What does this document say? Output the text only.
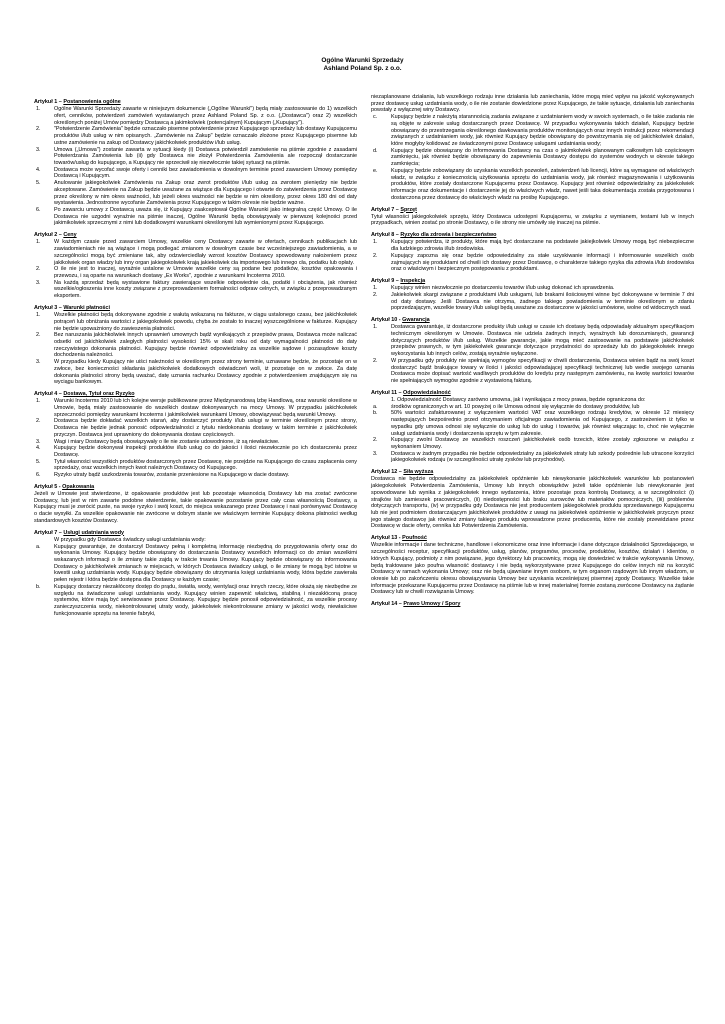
Ogólne Warunki Sprzedaży
Ashland Poland Sp. z o.o.
Artykuł 1 – Postanowienia ogólne
1. Ogólne Warunki Sprzedaży zawarte w niniejszym dokumencie („Ogólne Warunki") będą miały zastosowanie do 1) wszelkich ofert, cenników, potwierdzeń zamówień wystawianych przez Ashland Poland Sp. z o.o. („Dostawca") oraz 2) wszelkich określonych poniżej Umów pomiędzy Dostawcą a jakimkolwiek (potencjalnym) Kupującym („Kupujący").
2. "Potwierdzenie Zamówienia" będzie oznaczało pisemne potwierdzenie przez Kupującego sprzedaży lub dostawy Kupującemu produktów i/lub usług w nim opisanych. „Zamówienie na Zakup" będzie oznaczało złożone przez Kupującego pisemne lub ustne zamówienie na zakup od Dostawcy jakichkolwiek produktów i/lub usług.
3. Umowa („Umowa") zostanie zawarta w sytuacji kiedy (i) Dostawca potwierdził zamówienie na piśmie zgodnie z zasadami Potwierdzania Zamówienia lub (ii) gdy Dostawca nie złożył Potwierdzenia Zamówienia ale rozpoczął dostarczanie towarów/usług do kupującego, a Kupujący nie sprzeciwił się niezwłocznie takiej sytuacji na piśmie.
4. Dostawca może wycofać swoje oferty i cenniki bez zawiadomienia w dowolnym terminie przed zawarciem Umowy pomiędzy Dostawcą i Kupującym.
5. Anulowanie jakiegokolwiek Zamówienia na Zakup oraz zwrot produktów i/lub usług za zwrotem pieniędzy nie będzie akceptowane. Zamówienie na Zakup będzie uważane za wiążące dla Kupującego i otwarte do zatwierdzenia przez Dostawcę przez określony w nim okres ważności, lub jeżeli okres ważności nie będzie w nim określony, przez okres 180 dni od daty wystawienia. Jednostronne wycofanie Zamówienia przez Kupującego w takim okresie nie będzie ważne.
6. Po zawarciu umowy z Dostawcą uważa się, iż Kupujący zaakceptował Ogólne Warunki jako integralną część Umowy. O ile Dostawca nie uzgodni wyraźnie na piśmie inaczej, Ogólne Warunki będą obowiązywały w pierwszej kolejności przed jakimikolwiek sprzecznymi z nimi lub dodatkowymi warunkami określonymi lub wymienionymi przez Kupującego.
Artykuł 2 – Ceny
1. W każdym czasie przed zawarciem Umowy, wszelkie ceny Dostawcy zawarte w ofertach, cennikach publikacjach lub zawiadomieniach nie są wiążące i mogą podlegać zmianom w dowolnym czasie bez wcześniejszego zawiadomienia, a w szczególności mogą być zmieniane tak, aby odzwierciedlały wzrost kosztów Dostawcy spowodowany nałożeniem przez jakikolwiek organ władzy lub inny organ jakiegokolwiek krają jakiekolwiek cła importowego lub innego cła, podatku lub opłaty.
2. O ile nie jest to inaczej, wyraźnie ustalone w Umowie wszelkie ceny są podane bez podatków, kosztów opakowania i przewozu, i są oparte na warunkach dostawy „Ex Works", zgodnie z warunkami Incoterms 2010.
3. Na każdą sprzedaż będą wystawione faktury zawierające wszelkie odpowiednie cła, podatki i obciążenia, jak również wszelkie/ogłoszenia inne koszty związane z przeprowadzeniem formalności odpraw celnych, w związku z przeprowadzanym eksportem.
Artykuł 3 – Warunki płatności
1. Wszelkie płatności będą dokonywane zgodnie z wałutą wskazaną na fakturze, w ciągu ustalonego czasu, bez jakichkolwiek potrąceń lub obniżania wartości z jakiegokolwiek powodu, chyba że zostało to inaczej wyszczególnione w fakturze. Kupujący nie będzie upoważniony do zawieszenia płatności.
2. Bez naruszania jakichkolwiek innych uprawnień umownych bądź wynikających z przepisów prawa, Dostawca może naliczać odsetki od jakichkolwiek zaległych płatności wysokości 15% w skali roku od daty wymagalności płatności do daty rzeczywistego dokonania płatności. Kupujący będzie również odpowiedzialny za wszelkie sądowe i pozasądowe koszty dochodzenia należności.
3. W przypadku kiedy Kupujący nie uiści należności w określonym przez strony terminie, uznawane będzie, że pozostaje on w zwłoce, bez konieczności składania jakichkolwiek dodatkowych oświadczeń woli, iż pozostaje on w zwłoce. Za datę dokonania płatności strony będą uważać, datę uznania rachunku Dostawcy zgodnie z potwierdzeniem znajdującym się na wyciągu bankowym.
Artykuł 4 – Dostawa, Tytuł oraz Ryzyko
1. Warunki Incoterms 2010 lub ich kolejne wersje publikowane przez Międzynarodową Izbę Handlową, oraz warunki określone w Umowie, będą miały zastosowanie do wszelkich dostaw dokonywanych na mocy Umowy. W przypadku jakichkolwiek sprzeczności pomiędzy warunkami Incoterms i jakimikolwiek warunkami Umowy, obowiązywać będą warunki Umowy.
2. Dostawca będzie dokładać wszelkich starań, aby dostarczyć produkty i/lub usługi w terminie określonym przez strony, Dostawca nie będzie jednak ponosić odpowiedzialności z tytułu niedokonania dostawy w takim terminie z jakichkolwiek przyczyn. Dostawca jest uprawniony do dokonywania dostaw częściowych.
3. Wagi i miary Dostawcy będą obowiązywały o ile nie zostanie udowodnione, iż są niewłaściwe.
4. Kupujący będzie dokonywał inspekcji produktów i/lub usług co do jakości i ilości niezwłocznie po ich dostarczeniu przez Dostawcę.
5. Tytuł własności wszystkich produktów dostarczonych przez Dostawcę, nie przejdzie na Kupującego do czasu zapłacenia ceny sprzedaży, oraz wszelkich innych kwot należnych Dostawcy od Kupującego.
6. Ryzyko utraty bądź uszkodzenia towarów, zostanie przeniesione na Kupującego w dacie dostawy.
Artykuł 5 - Opakowania
Jeżeli w Umowie jest stwierdzone, iż opakowanie produktów jest lub pozostaje własnością Dostawcy lub ma zostać zwrócone Dostawcy, lub jest w nim zawarte podobne stwierdzenie, takie opakowanie pozostanie przez cały czas własnością Dostawcy, a Kupujący musi je zwrócić puste, na swoje ryzyko i swój koszt, do miejsca wskazanego przez Dostawcę i nasi porównywać Dostawcę o dacie wysyłki. Za wszelkie opakowanie nie zwrócone w dobrym stanie we właściwym terminie Kupujący dokona płatności według standardowych kosztów Dostawcy.
Artykuł 7 – Usługi udatniania wody
W przypadku gdy Dostawca świadczy usługi uzdatniania wody:
a. Kupujący gwarantuje, że dostarczył Dostawcy pełną i kompletną informację niezbędną do przygotowania oferty oraz do wykonania Umowy. Kupujący będzie obowiązany do dostarczania Dostawcy wszelkich informacji co do zmian wszelkimi wskazanych informacji o ile zmiany takie zajdą w trakcie trwania Umowy. Kupujący będzie obowiązany do informowania Dostawcy o jakichkolwiek zmianach w miejscach, w których Dostawca świadczy usługi, o ile zmiany te mogą być istotne w kwestii usług uzdatniania wody. Kupujący będzie obowiązany do utrzymania księgi uzdatniania wody, która będzie zawierała pełen rejestr i która będzie dostępna dla Dostawcy w każdym czasie;
b. Kupujący dostarczy niezakłócony dostęp do prądu, światła, wody, wentylacji oraz innych rzeczy, które okażą się niezbędne ze względu na świadczone usługi uzdatniania wody. Kupujący winien zapewnić właściwą, stabilną i niezakłóconą pracę systemów, które mają być serwisowane przez Dostawcę. Kupujący będzie ponosił odpowiedzialność, za wszelkie procesy zanieczyszczenia wody, niekontrolowanej utraty wody, jakiekolwiek niekontrolowane zmiany w jakości wody, niewłaściwe funkcjonowanie sprzętu na terenie fabryki,
niezaplanowane działania, lub wszelkiego rodzaju inne działania lub zaniechania, które mogą mieć wpływ na jakość wykonywanych przez dostawcę usług uzdatniania wody, o ile nie zostanie dowiedzione przez Kupującego, że takie sytuacje, działania lub zaniechania powstały z wyłącznej winy Dostawcy.
c.	Kupujący będzie z należytą starannością zadania związane z uzdatnianiem wody w swoich systemach, o ile takie zadania nie są objęte w zakresie usług dostarczanych przez Dostawcę. W przypadku wykonywania takich działań, Kupujący będzie obowiązany do przestrzegania określonego dawkowania produktów monitorujących oraz innych instrukcji przez rekomendacji związanych z uzdatnianiem wody, jak również Kupujący będzie obowiązany do powstrzymania się od jakichkolwiek działań, które mogłyby kolidować ze świadczonymi przez Dostawcę usługami uzdatniania wody;
d. Kupujący będzie obowiązany do informowania Dostawcy na czas o jakimkolwiek planowanym całkowitym lub częściowym zamknięciu, jak również będzie obowiązany do zapewnienia Dostawcy dostępu do systemów wodnych w okresie takiego zamknięcia;
e. Kupujący będzie zobowiązany do uzyskania wszelkich pozwoleń, zatwierdzeń lub licencji, które są wymagane od właściwych władz, w związku z koniecznością użytkowania sprzętu do uzdatniania wody, jak również magazynowania i użytkowania produktów, które zostały dostarczone Kupującemu przez Dostawcę. Kupujący jest również odpowiedzialny za jakiekolwiek informacje oraz dokumentacje i dostarczenie jej do właściwych władz, nawet jeśli taka dokumentacja została przygotowana i dostarczona przez dostawcę do właściwych władz na prośbę Kupującego.
Artykuł 7 – Sprzęt
Tytuł własności jakiegokolwiek sprzętu, który Dostawca udostępni Kupującemu, w związku z wymianem, testami lub w innych przypadkach, winien zostać po stronie Dostawcy, o ile strony nie umówiły się inaczej na piśmie.
Artykuł 8 – Ryzyko dla zdrowia i bezpieczeństwo
1. Kupujący potwierdza, iż produkty, które mają być dostarczane na podstawie jakiejkolwiek Umowy mogą być niebezpieczne dla ludzkiego zdrowia i/lub środowiska.
2. Kupujący zapozna się oraz będzie odpowiedzialny za stałe uzyskiwanie informacji i informowanie wszelkich osób zajmujących się produktami od chwili ich dostawy przez Dostawcę, o charakterze takiego ryzyka dla zdrowia i/lub środowiska oraz o właściwym i bezpiecznym postępowaniu z produktami.
Artykuł 9 – Inspekcja
1. Kupujący winien niezwłocznie po dostarczeniu towarów i/lub usług dokonać ich sprawdzenia.
2. Jakiekolwiek skargi związane z produktami i/lub usługami, lub brakami ilościowymi winne być dokonywane w terminie 7 dni od daty dostawy. Jeśli Dostawca nie otrzyma, żadnego takiego powiadomienia w terminie określonym w zdaniu poprzedzającym, wszelkie towary i/lub usługi będą uważane za dostarczone w jakości umówione, wolne od widocznych wad.
Artykuł 10 - Gwarancja
1. Dostawca gwarantuje, iż dostarczone produkty i/lub usługi w czasie ich dostawy będą odpowiadały aktualnym specyfikacjom technicznym określonym w Umowie. Dostawca nie udziela żadnych innych, wyraźnych lub dorozumianych, gwarancji dotyczących produktów i/lub usług. Wszelkie gwarancje, jakie mogą mieć zastosowanie na podstawie jakichkolwiek przepisów prawnych, w tym jakiekolwiek gwarancje dotyczące przydatności do sprzedaży lub do jakiegokolwiek innego wykorzystania lub innych celów, zostają wyraźnie wyłączone.
2. W przypadku gdy produkty nie spełniają wymogów specyfikacji w chwili dostarczenia, Dostawca winien bądź na swój koszt dostarczyć bądź brakujące towary w ilości i jakości odpowiadającej specyfikacji technicznej lub wedle swojego uznania Dostawca może dopisać wartość wadliwych produktów do kredytu przy następnym zamówieniu, na kwotę wartości towarów nie spełniających wymogów zgodnie z wystawioną fakturą.
Artykuł 11 – Odpowiedzialność
1. Odpowiedzialność Dostawcy zarówno umowna, jak i wynikająca z mocy prawa, będzie ograniczona do:
a. środków ograniczonych w art. 10 powyżej o ile Umowa odnosi się wyłącznie do dostawy produktów, lub
b. 50% wartości zafakturowanej z wyłączeniem wartości VAT oraz wszelkiego rodzaju kredytów, w okresie 12 miesięcy następujących bezpośrednio przed otrzymaniem oficjalnego zawiadomienia od Kupującego, z zastrzeżeniem iż tylko w wypadku gdy umowa odnosi się wyłącznie do usług lub do usług i towarów, jak również włączając to, choć nie wyłącznie usługi uzdatniania wody i dostarczenia sprzętu w tym zakresie.
2. Kupujący zwolni Dostawcę ze wszelkich roszczeń jakichkolwiek osób trzecich, które zostały zgłoszone w związku z wykonaniem Umowy.
3. Dostawca w żadnym przypadku nie będzie odpowiedzialny za jakiekolwiek straty lub szkody pośrednie lub utracone korzyści jakiegokolwiek rodzaju (w szczególności utratę zysków lub przychodów).
Artykuł 12 – Siła wyższa
Dostawca nie będzie odpowiedzialny za jakiekolwiek opóźnienie lub niewykonanie jakichkolwiek warunków lub postanowień jakiegokolwiek Potwierdzenia Zamówienia, Umowy lub innych obowiązków jeżeli takie opóźnienie lub niewykonanie jest spowodowane lub wynika z jakiegokolwiek innego wydarzenia, które pozostaje poza kontrolą Dostawcy, a w szczególności: (i) strajków lub zamieszek pracowniczych, (ii) niedostępności lub braku surowców lub materiałów pomocniczych, (iii) problemów dotyczących transportu, (iv) w przypadku gdy Dostawca nie jest producentem jakiegokolwiek produktu sprzedawanego Kupującemu lub nie jest podmiotem dostarczającym jakichkolwiek produktów z uwagi na jakiekolwiek opóźnienie w jakichkolwiek przyczyn przez jego stałego dostawcę jak również zmiany takiego produktu wprowadzone przez producenta, które nie zostały przewidziane przez Dostawcę w dacie oferty, cennika lub Potwierdzenia Zamówienia.
Artykuł 13 - Poufność
Wszelkie informacje i dane techniczne, handlowe i ekonomiczne oraz inne informacje i dane dotyczące działalności Sprzedającego, w szczególności receptur, specyfikacji produktów, usług, planów, programów, procesów, produktów, kosztów, działań i klientów, o których Kupujący, podmioty z nim powiązane, jego dyrektorzy lub pracownicy, mogą się dowiedzieć w trakcie wykonywania Umowy, będą traktowane jako poufna własność dostawcy i nie będą wykorzystywane przez Kupującego do celów innych niż na korzyść Dostawcy w ramach wykonania Umowy; oraz nie będą ujawniane innym osobom, w tym organom rządowym lub innym władzom, w okresie lub po zakończeniu okresu obowiązywania Umowy bez uzyskania wcześniejszej pisemnej zgody Dostawcy. Wszelkie takie informacje przekazane Kupującemu przez Dostawcę na piśmie lub w innej materialnej formie zostaną zwrócone Dostawcy na żądanie Dostawcy lub w chwili rozwiązania Umowy.
Artykuł 14 – Prawo Umowy / Spory
